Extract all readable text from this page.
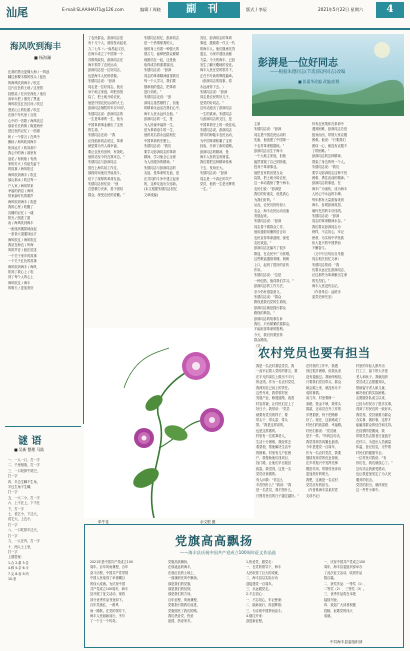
汕尾	E-mail:SLAAIHAI71@126.com	编辑 / 周晓	副 刊	版式 / 李辰	2021年5月22日 星期六	4
海风吹到海丰
■ 杨海澜
比我的思念更像大海 / 一阵浪
翻过那棵木棉的枝头 / 蓝色
的海风吹到海丰 / 吹过
这片红色的土地 / 这里曾
经燃烧 / 在历史深处 / 他们
高举火把 / 照亮了黑夜
海风吹过红宫红场 / 吹过
莲花山上的杜鹃 / 吹过
在那个年代里 / 百姓
心中的一首歌 / 海风吹过
那条长长的街 / 街道两旁
是红色的记忆 / 一面旗
帜 / 一个誓言 / 在风中
飘扬 / 海风吹到海丰
吹向远方 / 吹向那个
我心中的海 / 那里有
浪花 / 有帆船 / 有渔
家的灯火 / 有祖先留下
的故事 / 海风吹过
海风吹到海丰 / 吹过
那山那水 / 吹过每一
户人家 / 海风带来
幸福的消息 / 海风
带来新时代的歌声
海风吹到海丰 / 吹进
我的心里 / 吹醒了
沉睡的记忆 / 一缕
阳光 / 照进了窗
前 / 海风吹到海丰
一座座高楼拔地而起
一条条大道通向远方
海风吹过 / 海风吹过
我站在海边 / 听海
风的声音 / 她在讲述
一个关于家乡的故事
一个关于红色的故事
海风吹到海丰 / 海风
吹到了我心上 / 吹
到了每个人的心上
海风吹过 / 海丰
的明天 / 更加美好
彭湃是一位好同志
——根据朱德同志(节选)陈洪同志)改编
■ 彭素华改编 改编/彭敬
了农民群众，彭湃同志是
有十几个人，被他发动起来，
九二七年 八一南昌起义后，
在海丰成立了中国第一个
苏维埃政权，彭湃同志在
海丰领导了农民运动，
彭湃同志是一位好同志，
也是海丰人民的骄傲。
朱德同志说：“彭湃
同志是一位好同志，他出
身于地主家庭，却把田契
烧了，把土地分给农民，
他是中国农民运动的大王。
彭湃同志牺牲时年仅33岁。
朱德同志说：彭湃同志的
一生是革命的一生，他为
中国革命事业献出了宝贵
的生命。”
朱德同志还说：“我
记得彭湃同志说过，革命
就是要为穷人谋幸福，
要让农民有田种，有饭吃。
他的话至今仍在我耳边。”
朱德同志与彭湃同志
曾在上海共同工作过，
那段时间他们并肩战斗，
结下了深厚的革命友谊。
朱德同志回忆说：“他
总是精力充沛，善于团结
群众，深受农民的爱戴。”
朱德同志回忆，彭湃同志
是一个热情豪爽的人，
他的身上有着一种强大的
感召力，能够把群众紧紧
地团结在一起，这是他
取得成功的重要原因。
朱德同志说：“彭湃
同志的革命精神值得我们
每一个人学习，我们要
继承他的遗志，把革命
进行到底。”
朱德同志还说：“彭
湃同志虽然牺牲了，但他
的精神永远活在我们心中，
海丰人民永远怀念他。”
彭湃同志的一生，是
为人民谋幸福的一生，
是为革命奋斗的一生，
他的英名将永远铭刻在
中国革命的史册上。
朱德同志说：“我们
要学习彭湃同志的革命
精神，学习他全心全意
为人民服务的精神。”
朱德同志与彭湃同志的
友谊，是革命的友谊，是
在共同的斗争中建立起来
的，这种友谊历久弥新。
(本文根据朱德同志回忆
文章改编)
其后，彭湃同志的革命
事迹，激励着一代又一代
的海丰人。他们继承先烈
遗志，为家乡建设贡献
力量。今天的海丰，已经
发生了翻天覆地的变化。
海丰人民在党的领导下，
正在书写新的辉煌篇章。
（彭湃同志的故事，将
永远流传下去。）
朱德同志说：“彭湃
同志是农民的好儿子，
是党的好同志。”
这句话道出了彭湃同志
一生的真谛。朱德同志
与彭湃同志的交往，是
中国革命史上的一段佳话。
朱德同志说，彭湃同志
领导的海陆丰农民运动，
为中国革命积累了宝贵
经验，开辟了新的道路。
彭湃同志的精神，是
海丰人民的宝贵财富。
我们要把这种精神传承
下去，发扬光大。
朱德同志说：“彭湃
同志是一个真正的共产
党员，他的一生是光辉的
一生。”
主席
朱德同志说：“彭湃
同志是中国农民运动的
先驱，他创建了中国第一
个农村革命根据地。”
彭湃同志出生于海丰
一个大地主家庭，但他
毅然背叛了自己的阶级，
投身于革命事业。
他把自家的田契当众
烧毁，把土地分给农民，
这一举动震惊了整个海丰。
农民们说：“彭湃是
我们的好朋友，他是真心
为我们好的。”
从此，农民们纷纷加入
农会，海丰农民运动迅速
发展起来。
朱德同志说：“彭湃
同志善于做群众工作，
他用通俗易懂的语言向
农民宣传革命道理，深受
农民欢迎。”
彭湃同志还编写了很多
歌谣，在农民中广为传唱。
这些歌谣通俗易懂，朗朗
上口，起到了很好的宣传
作用。
朱德同志说：“这是
一种创造，值得我们学习。”
彭湃同志的工作方法，
至今仍有借鉴意义。
朱德同志说：“群众
路线是我们党的生命线，
彭湃同志就是践行群众
路线的典范。”
彭湃同志的故事告诉
我们，只有紧紧依靠群众，
才能取得革命的胜利。
今天，我们仍要坚持
群众路线。
（完）
仍有农民集体在革命中
遇到困难，彭湃同志总是
挺身而出，带领大家克服
困难。他说：“只要我们
团结一心，就没有克服不
了的困难。”
彭湃同志的这种精神，
感染了身边的每一个人。
朱德同志说：“我们
要学习彭湃同志这种不怕
困难、勇往直前的精神。”
彭湃同志的事迹，在
海丰广为流传，成为海丰
人民心中永远的丰碑。
每年都有大量游客来到
海丰，参观彭湃故居，
缅怀先烈的丰功伟绩。
朱德同志说：“彭湃
同志的革命精神永存。”
我们要以彭湃同志为
榜样，不忘初心，牢记
使命，为实现中华民族
伟大复兴的中国梦而
不懈奋斗。
（文中引言均出自朱德
同志相关回忆文章）
朱德同志曾说：“我
们要永远记住彭湃同志，
记住那些为革命献出生命
的先烈们。”
海丰人民没有忘记。
（作者单位：汕尾市
委党史研究室）
农村党员也要有担当
我是一名农村基层党员，我
一直牢记着入党时的誓言，要
在平凡的岗位上做出不平凡
的业绩。作为一名农村党员，
我深知自己肩上的责任。
这些年来，我带领村民
发展产业，修建道路，改善
村容村貌，让村民们过上了
好日子。我常说：“党员
就要有党员的样子，要
带头干、带头富、带头
帮。”我是这样说的，
也是这样做的。
村里有一位孤寡老人，
生活十分困难，我经常去
看望他，帮他解决生活中
的困难。村里有几户贫困
户，我帮助他们找项目、
找门路，让他们早日脱贫
致富。我觉得，这是一名
党员应该做的。
有人问我：“你这么
辛苦图什么？”我说：“我
是一名党员，我不图什么，
只图村民们的日子越过越好。”
在村里的工作中，我遇
到过很多困难，但我从来
没有退缩过。我始终相信，
只要我们党员带头，群众
就会跟上来，就没有办不
成的事情。
前几年，村里要修一
条路，资金不够，我带头
捐款，还动员在外工作的
乡贤捐资，终于把路修
好了。现在，这条路成了
村民们的致富路、幸福路。
村民们都说：“党员就
是不一样。”听到这句话，
我觉得再苦再累也值得。
今年是建党一百周年，
作为一名农村党员，我要
继续发扬党的优良传统，
在乡村振兴中发挥先锋
模范作用，带领村民奔向
更加美好的明天。
我想，这就是一名农村
党员应有的担当。
（作者系海丰县某村党
支部书记）
村里的年轻人都外出
打工了，留下的大多是
老人和孩子。我就组织
党员成立志愿服务队，
帮助留守老人和儿童，
解决他们的实际困难。
志愿服务队成立以来，
已经为村民办了很多实事，
得到了村民们的一致好评。
我觉得，党员就要为群众
办实事、做好事，这样才
能赢得群众的信任和支持。
在疫情防控期间，我
带领党员志愿者日夜值守
在村口，为进出人员测量
体温、登记信息，守护着
村民们的健康安全。
一位村民对我说：“有
你们在，我们就放心了。”
这句话让我深受感动，
也让我更加坚定了为人民
服务的信念。
党员的担当，就体现在
这一件件小事中。
牵牛花	余文银 摄
谜 语
■ 吴新 整理 马陆
一、一人一口，打一字
二、千里相逢，打一字
三、一口咬掉牛尾巴，
打一字
四、半边生鳞不生角，
半边生角不生鳞，
打一字
五、一大二小，打一字
六、上不在上，下不在
下，打一字
七、说它小，下边大，
说它大，上边小，
打一字
八、一口吃掉半边天，
打一字
九、一人在内，打一字
十、两人土上坐，
打一字
上期答案：
1.合 2.重 3.告
4.鲜 5.奈 6.卡
7.尖 8.吞 9.肉
10.坐
党旗高高飘扬
——海丰县庆祝中国共产党成立100周年征文作品选
2021年是中国共产党成立100
周年。百年风雨兼程，百年
奋斗历程，中国共产党带领
中国人民取得了举世瞩目
的伟大成就。为庆祝中国
共产党成立100周年，海丰
县开展了征文活动，现将
部分优秀作品刊登如下。
百年党旗红，一路风
雨一路歌。在党的领导下，
海丰人民砥砺前行，书写
了一个又一个传奇。
党旗高高飘扬，
在那遥远的海丰，
在那红色的土地上，
一面旗帜在风中飘扬。
那是我们的党旗，
那是我们的信仰，
那是我们的方向。
百年征程，风雨兼程，
党旗指引着我们前进，
党旗照亮了我们的路。
我们热爱党，热爱
祖国，热爱家乡。
1.热爱党，跟党走：
一、在党的领导下，海丰
人民取得了巨大的成就，
二、海丰县以实际行动
迎接建党一百周年。
三、永远跟党走。
2.不忘初心：
一、不忘初心，牢记使命；
二、砥砺前行，再创辉煌；
三、为实现中国梦而奋斗。
4.继往开来：
奋进新征程。
一、庆祝中国共产党成立100
周年，海丰县委组织部举办
了此次征文活动，收到作品
数百篇。
二、获奖作品：一等奖（1）、
二等奖（2）、三等奖（3）。
三、优秀作品将在本报
陆续刊登。
四、欢迎广大读者积极
投稿，讴歌党的伟大
成就。
中共海丰县委组织部
